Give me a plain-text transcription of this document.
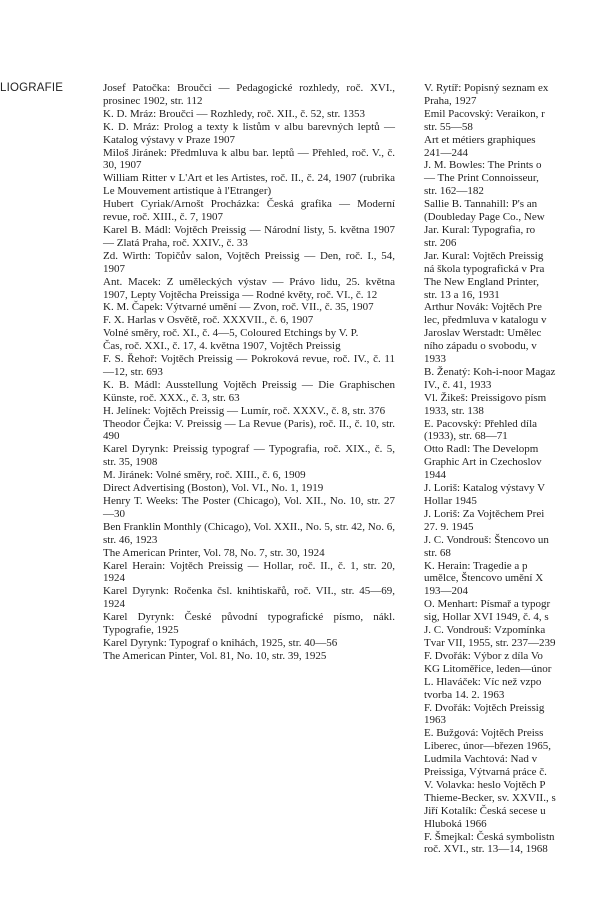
LIOGRAFIE	Josef Patočka: Broučci — Pedagogické rozhledy, roč. XVI., prosinec 1902, str. 112

K. D. Mráz: Broučci — Rozhledy, roč. XII., č. 52, str. 1353

K. D. Mráz: Prolog a texty k listům v albu barevných leptů — Katalog výstavy v Praze 1907

Miloš Jiránek: Předmluva k albu bar. leptů — Přehled, roč. V., č. 30, 1907

William Ritter v L'Art et les Artistes, roč. II., č. 24, 1907 (rubrika Le Mouvement artistique à l'Etranger)

Hubert Cyriak/Arnošt Procházka: Česká grafika — Moderní revue, roč. XIII., č. 7, 1907

Karel B. Mádl: Vojtěch Preissig — Národní listy, 5. května 1907 — Zlatá Praha, roč. XXIV., č. 33

Zd. Wirth: Topičův salon, Vojtěch Preissig — Den, roč. I., 54, 1907

Ant. Macek: Z uměleckých výstav — Právo lidu, 25. května 1907, Lepty Vojtěcha Preissiga — Rodné květy, roč. VI., č. 12

K. M. Čapek: Výtvarné umění — Zvon, roč. VII., č. 35, 1907

F. X. Harlas v Osvětě, roč. XXXVII., č. 6, 1907

Volné směry, roč. XI., č. 4—5, Coloured Etchings by V. P.

Čas, roč. XXI., č. 17, 4. května 1907, Vojtěch Preissig

F. S. Řehoř: Vojtěch Preissig — Pokroková revue, roč. IV., č. 11—12, str. 693

K. B. Mádl: Ausstellung Vojtěch Preissig — Die Graphischen Künste, roč. XXX., č. 3, str. 63

H. Jelínek: Vojtěch Preissig — Lumír, roč. XXXV., č. 8, str. 376

Theodor Čejka: V. Preissig — La Revue (Paris), roč. II., č. 10, str. 490

Karel Dyrynk: Preissig typograf — Typografia, roč. XIX., č. 5, str. 35, 1908

M. Jiránek: Volné směry, roč. XIII., č. 6, 1909

Direct Advertising (Boston), Vol. VI., No. 1, 1919

Henry T. Weeks: The Poster (Chicago), Vol. XII., No. 10, str. 27—30

Ben Franklin Monthly (Chicago), Vol. XXII., No. 5, str. 42, No. 6, str. 46, 1923

The American Printer, Vol. 78, No. 7, str. 30, 1924

Karel Herain: Vojtěch Preissig — Hollar, roč. II., č. 1, str. 20, 1924

Karel Dyrynk: Ročenka čsl. knihtiskařů, roč. VII., str. 45—69, 1924

Karel Dyrynk: České původní typografické písmo, nákl. Typografie, 1925

Karel Dyrynk: Typograf o knihách, 1925, str. 40—56

The American Pinter, Vol. 81, No. 10, str. 39, 1925

V. Rytíř: Popisný seznam ex

Praha, 1927

Emil Pacovský: Veraikon, r

str. 55—58

Art et métiers graphiques

241—244

J. M. Bowles: The Prints o

— The Print Connoisseur,

str. 162—182

Sallie B. Tannahill: P's an

(Doubleday Page Co., New

Jar. Kural: Typografia, ro

str. 206

Jar. Kural: Vojtěch Preissig

ná škola typografická v Pra

The New England Printer,

str. 13 a 16, 1931

Arthur Novák: Vojtěch Pre

lec, předmluva v katalogu v

Jaroslav Werstadt: Umělec

ního západu o svobodu, v

1933

B. Ženatý: Koh-i-noor Magaz

IV., č. 41, 1933

Vl. Žikeš: Preissigovo písm

1933, str. 138

E. Pacovský: Přehled díla

(1933), str. 68—71

Otto Radl: The Developm

Graphic Art in Czechoslov

1944

J. Loriš: Katalog výstavy V

Hollar 1945

J. Loriš: Za Vojtěchem Prei

27. 9. 1945

J. C. Vondrouš: Štencovo un

str. 68

K. Herain: Tragedie a p

umělce, Štencovo umění X

193—204

O. Menhart: Písmař a typogr

sig, Hollar XVI 1949, č. 4, s

J. C. Vondrouš: Vzpomínka

Tvar VII, 1955, str. 237—239

F. Dvořák: Výbor z díla Vo

KG Litoměřice, leden—únor

L. Hlaváček: Víc než vzpo

tvorba 14. 2. 1963

F. Dvořák: Vojtěch Preissig

1963

E. Bužgová: Vojtěch Preiss

Liberec, únor—březen 1965,

Ludmila Vachtová: Nad v

Preissiga, Výtvarná práce č.

V. Volavka: heslo Vojtěch P

Thieme-Becker, sv. XXVII., s

Jiří Kotalík: Česká secese u

Hluboká 1966

F. Šmejkal: Česká symbolistn

roč. XVI., str. 13—14, 1968
